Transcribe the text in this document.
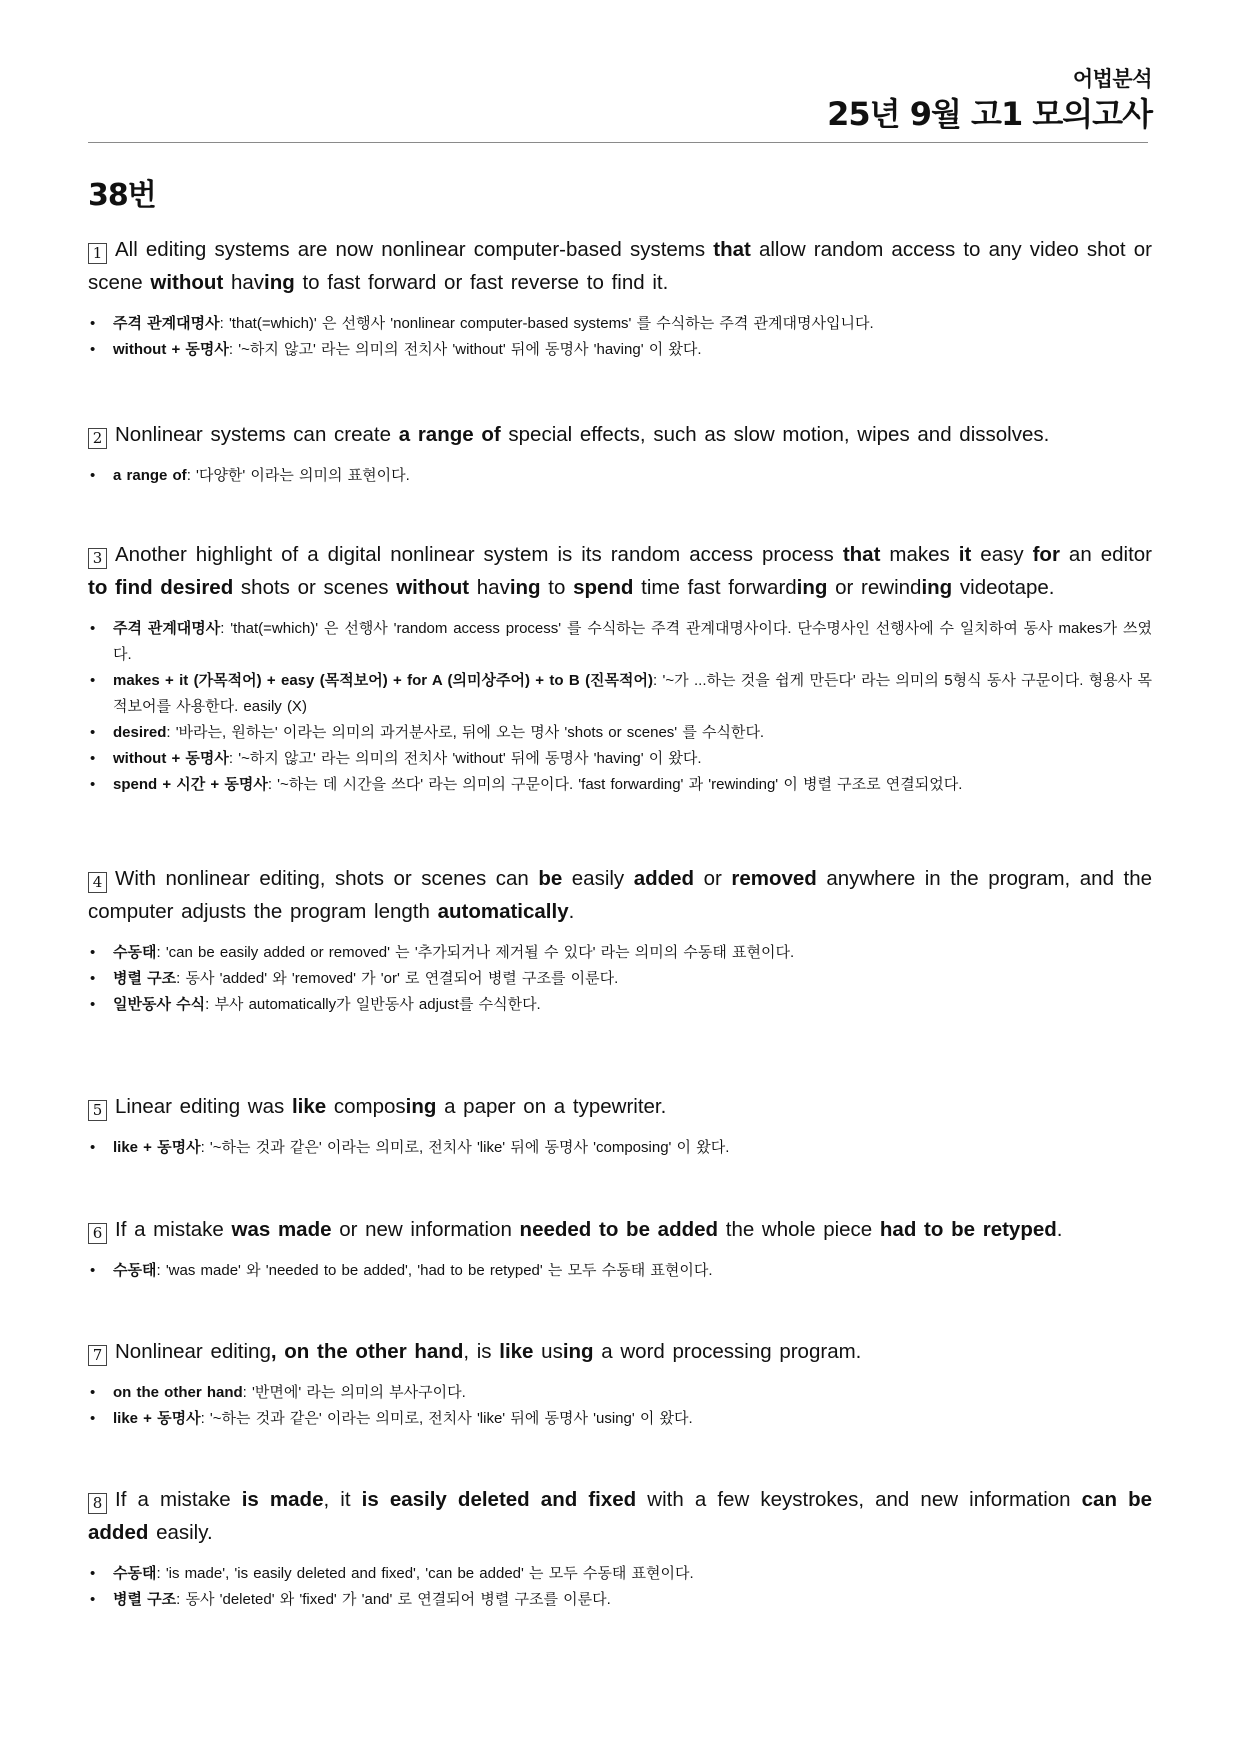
어법분석
25년 9월 고1 모의고사
38번
1 All editing systems are now nonlinear computer-based systems that allow random access to any video shot or scene without having to fast forward or fast reverse to find it.
• 주격 관계대명사: 'that(=which)' 은 선행사 'nonlinear computer-based systems' 를 수식하는 주격 관계대명사입니다.
• without + 동명사: '~하지 않고' 라는 의미의 전치사 'without' 뒤에 동명사 'having' 이 왔다.
2 Nonlinear systems can create a range of special effects, such as slow motion, wipes and dissolves.
• a range of: '다양한' 이라는 의미의 표현이다.
3 Another highlight of a digital nonlinear system is its random access process that makes it easy for an editor to find desired shots or scenes without having to spend time fast forwarding or rewinding videotape.
• 주격 관계대명사: 'that(=which)' 은 선행사 'random access process' 를 수식하는 주격 관계대명사이다. 단수명사인 선행사에 수 일치하여 동사 makes가 쓰였다.
• makes + it (가목적어) + easy (목적보어) + for A (의미상주어) + to B (진목적어): '~가 ...하는 것을 쉽게 만든다' 라는 의미의 5형식 동사 구문이다. 형용사 목적보어를 사용한다. easily (X)
• desired: '바라는, 원하는' 이라는 의미의 과거분사로, 뒤에 오는 명사 'shots or scenes' 를 수식한다.
• without + 동명사: '~하지 않고' 라는 의미의 전치사 'without' 뒤에 동명사 'having' 이 왔다.
• spend + 시간 + 동명사: '~하는 데 시간을 쓰다' 라는 의미의 구문이다. 'fast forwarding' 과 'rewinding' 이 병렬 구조로 연결되었다.
4 With nonlinear editing, shots or scenes can be easily added or removed anywhere in the program, and the computer adjusts the program length automatically.
• 수동태: 'can be easily added or removed' 는 '추가되거나 제거될 수 있다' 라는 의미의 수동태 표현이다.
• 병렬 구조: 동사 'added' 와 'removed' 가 'or' 로 연결되어 병렬 구조를 이룬다.
• 일반동사 수식: 부사 automatically가 일반동사 adjust를 수식한다.
5 Linear editing was like composing a paper on a typewriter.
• like + 동명사: '~하는 것과 같은' 이라는 의미로, 전치사 'like' 뒤에 동명사 'composing' 이 왔다.
6 If a mistake was made or new information needed to be added the whole piece had to be retyped.
• 수동태: 'was made' 와 'needed to be added', 'had to be retyped' 는 모두 수동태 표현이다.
7 Nonlinear editing, on the other hand, is like using a word processing program.
• on the other hand: '반면에' 라는 의미의 부사구이다.
• like + 동명사: '~하는 것과 같은' 이라는 의미로, 전치사 'like' 뒤에 동명사 'using' 이 왔다.
8 If a mistake is made, it is easily deleted and fixed with a few keystrokes, and new information can be added easily.
• 수동태: 'is made', 'is easily deleted and fixed', 'can be added' 는 모두 수동태 표현이다.
• 병렬 구조: 동사 'deleted' 와 'fixed' 가 'and' 로 연결되어 병렬 구조를 이룬다.
